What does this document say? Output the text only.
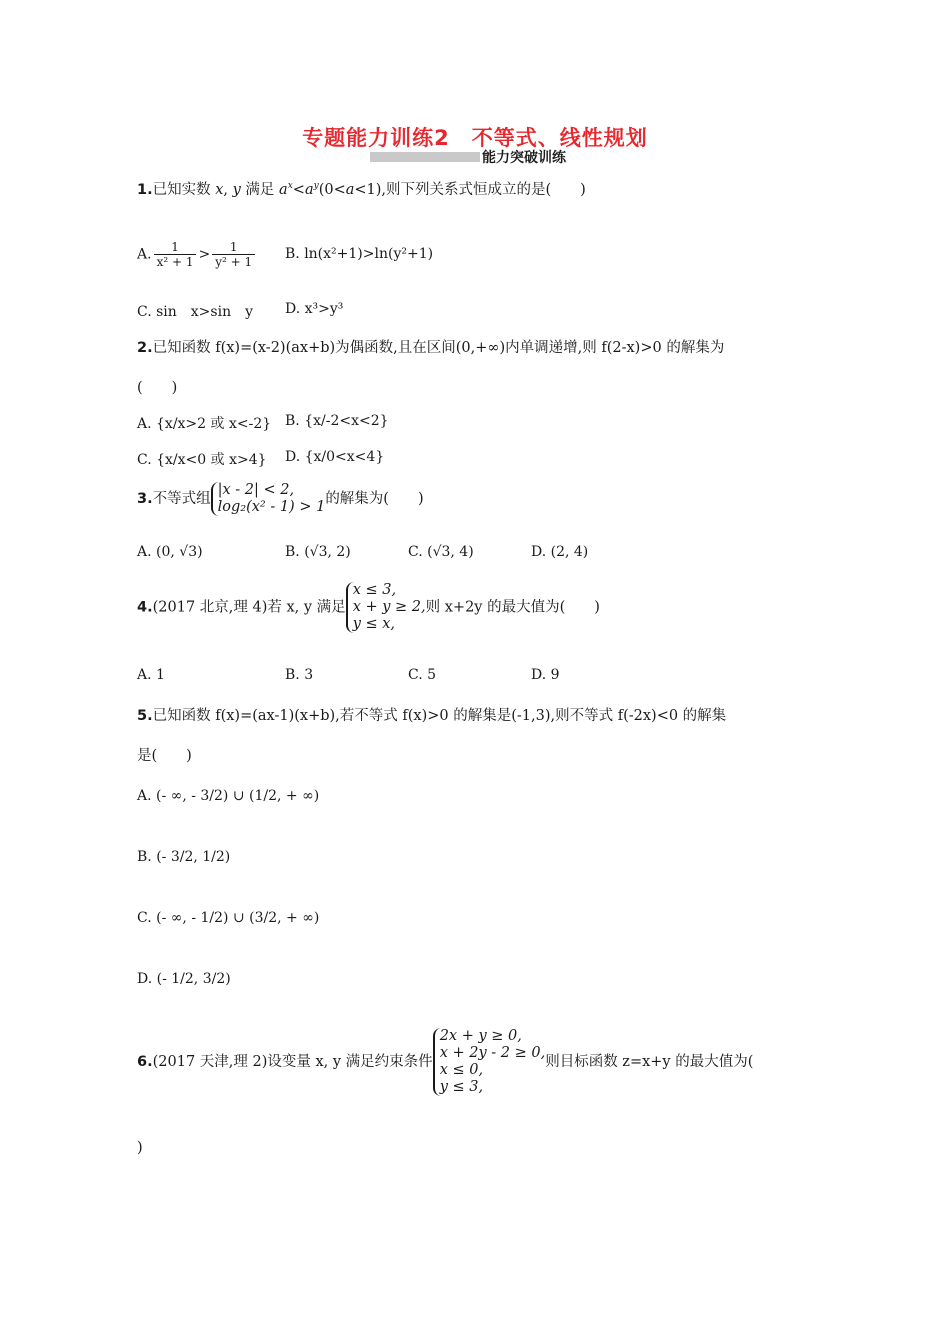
专题能力训练2　不等式、线性规划
能力突破训练
1.已知实数 x, y 满足 $a^x<a^y(0<a<1)$,则下列关系式恒成立的是(　　)
A. $\frac{1}{\text{x² + 1}} > \frac{1}{\text{y² + 1}} B$. ln(x²+1)>ln(y²+1)
C. sin　x>sin　y D. x³>y³
2.已知函数 f(x)=(x-2)(ax+b)为偶函数,且在区间(0,+∞)内单调递增,则 f(2-x)>0 的解集为
(　　)
A. {x/x>2 或 x<-2} B. {x/-2<x<2}
C. {x/x<0 或 x>4} D. {x/0<x<4}
3.不等式组
|x - 2| < 2,
log₂(x² - 1) > 1 的解集为(　　)
A. (0, √3)	B. (√3, 2)	C. (√3, 4)	D. (2, 4)
4.(2017 北京,理 4)若 x, y 满足
x ≤ 3,
x + y ≥ 2,
y ≤ x,
则 x+2y 的最大值为(　　)
A. 1	B. 3	C. 5	D. 9
5.已知函数 f(x)=(ax-1)(x+b),若不等式 f(x)>0 的解集是(-1,3),则不等式 f(-2x)<0 的解集
是(　　)
A. (- ∞, - 3/2) ∪ (1/2, + ∞)
B. (- 3/2, 1/2)
C. (- ∞, - 1/2) ∪ (3/2, + ∞)
D. (- 1/2, 3/2)
6.(2017 天津,理 2)设变量 x, y 满足约束条件
2x + y ≥ 0,
x + 2y - 2 ≥ 0,
x ≤ 0,
y ≤ 3,
则目标函数 z=x+y 的最大值为(
)
